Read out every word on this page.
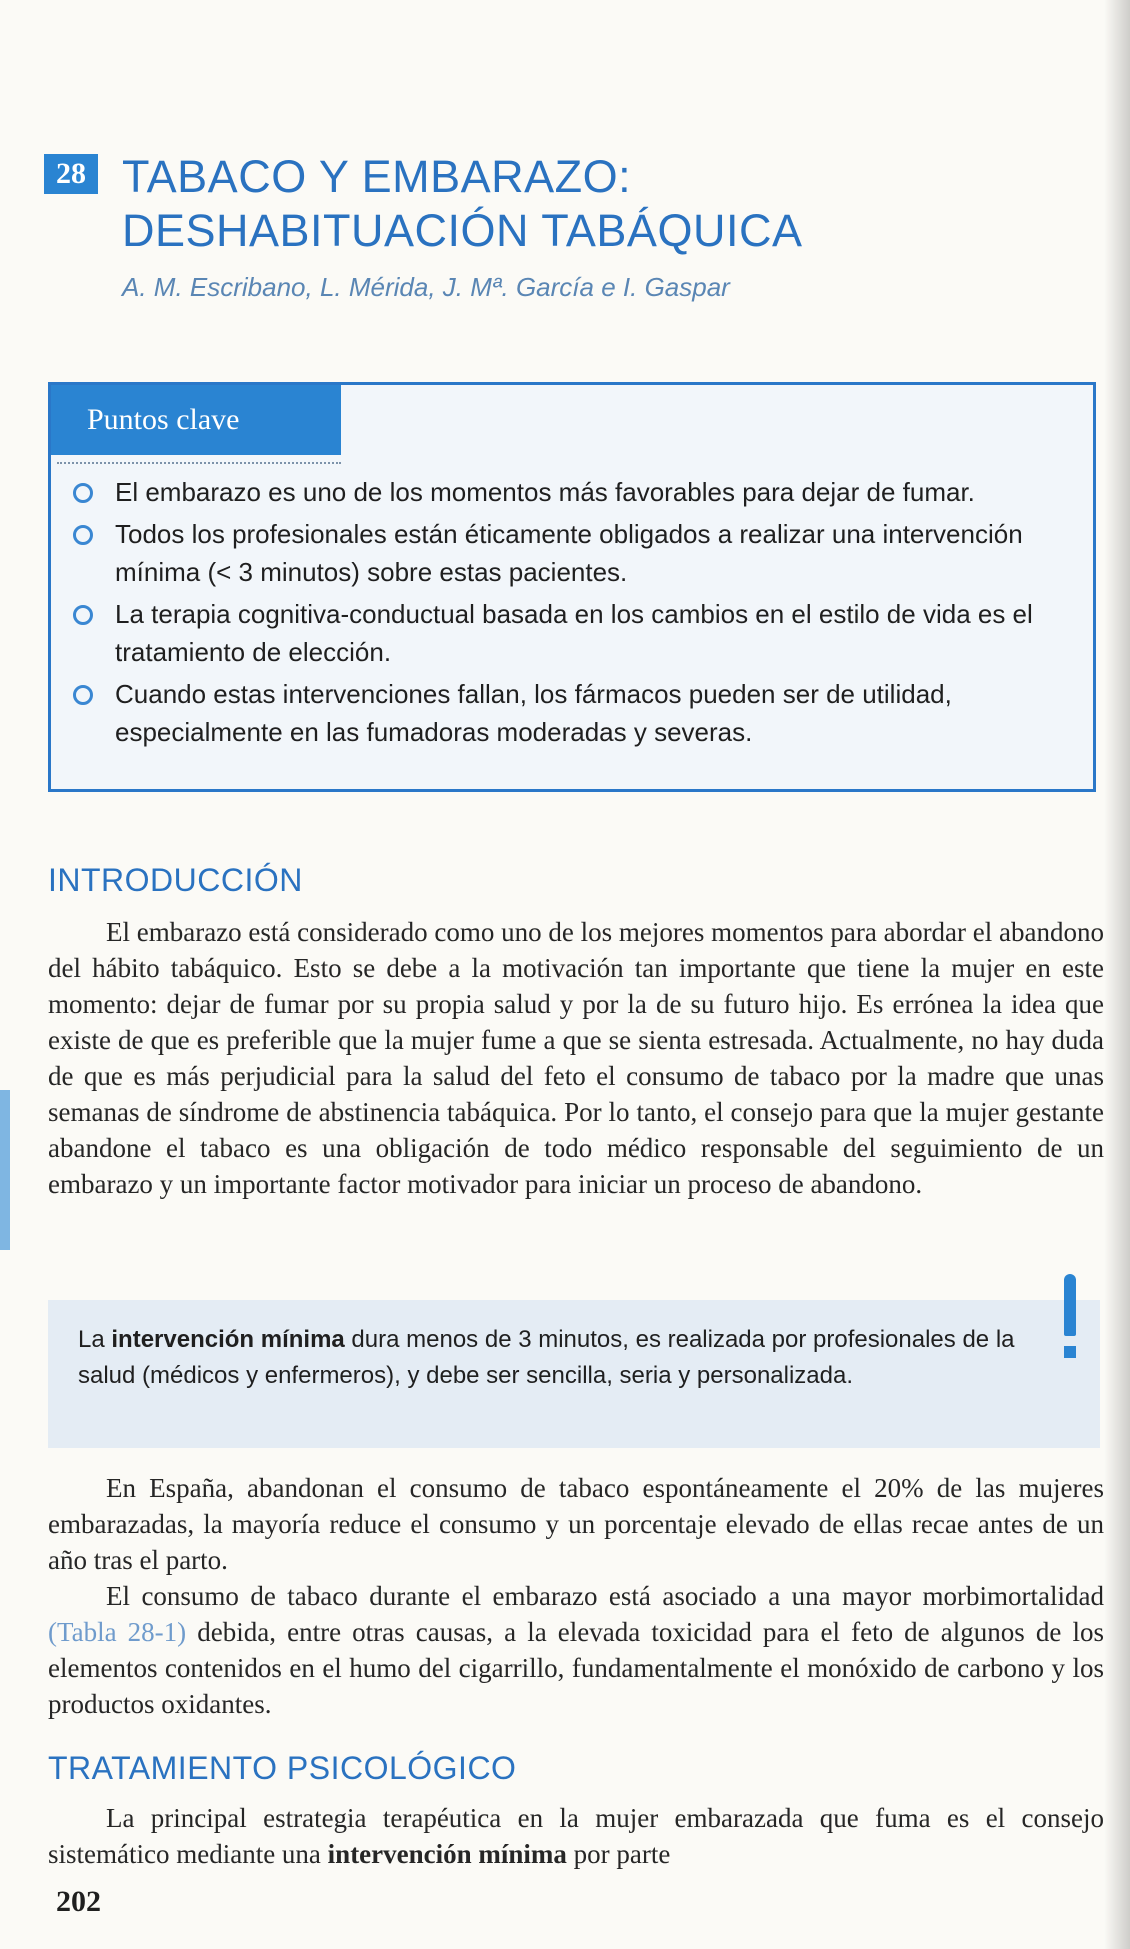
28 TABACO Y EMBARAZO:
DESHABITUACIÓN TABÁQUICA
A. M. Escribano, L. Mérida, J. Mª. García e I. Gaspar
Puntos clave
El embarazo es uno de los momentos más favorables para dejar de fumar.
Todos los profesionales están éticamente obligados a realizar una intervención mínima (< 3 minutos) sobre estas pacientes.
La terapia cognitiva-conductual basada en los cambios en el estilo de vida es el tratamiento de elección.
Cuando estas intervenciones fallan, los fármacos pueden ser de utilidad, especialmente en las fumadoras moderadas y severas.
INTRODUCCIÓN

El embarazo está considerado como uno de los mejores momentos para abordar el abandono del hábito tabáquico. Esto se debe a la motivación tan importante que tiene la mujer en este momento: dejar de fumar por su propia salud y por la de su futuro hijo. Es errónea la idea que existe de que es preferible que la mujer fume a que se sienta estresada. Actualmente, no hay duda de que es más perjudicial para la salud del feto el consumo de tabaco por la madre que unas semanas de síndrome de abstinencia tabáquica. Por lo tanto, el consejo para que la mujer gestante abandone el tabaco es una obligación de todo médico responsable del seguimiento de un embarazo y un importante factor motivador para iniciar un proceso de abandono.

La intervención mínima dura menos de 3 minutos, es realizada por profesionales de la salud (médicos y enfermeros), y debe ser sencilla, seria y personalizada.

En España, abandonan el consumo de tabaco espontáneamente el 20% de las mujeres embarazadas, la mayoría reduce el consumo y un porcentaje elevado de ellas recae antes de un año tras el parto.

El consumo de tabaco durante el embarazo está asociado a una mayor morbimortalidad (Tabla 28-1) debida, entre otras causas, a la elevada toxicidad para el feto de algunos de los elementos contenidos en el humo del cigarrillo, fundamentalmente el monóxido de carbono y los productos oxidantes.

TRATAMIENTO PSICOLÓGICO

La principal estrategia terapéutica en la mujer embarazada que fuma es el consejo sistemático mediante una intervención mínima por parte

202
